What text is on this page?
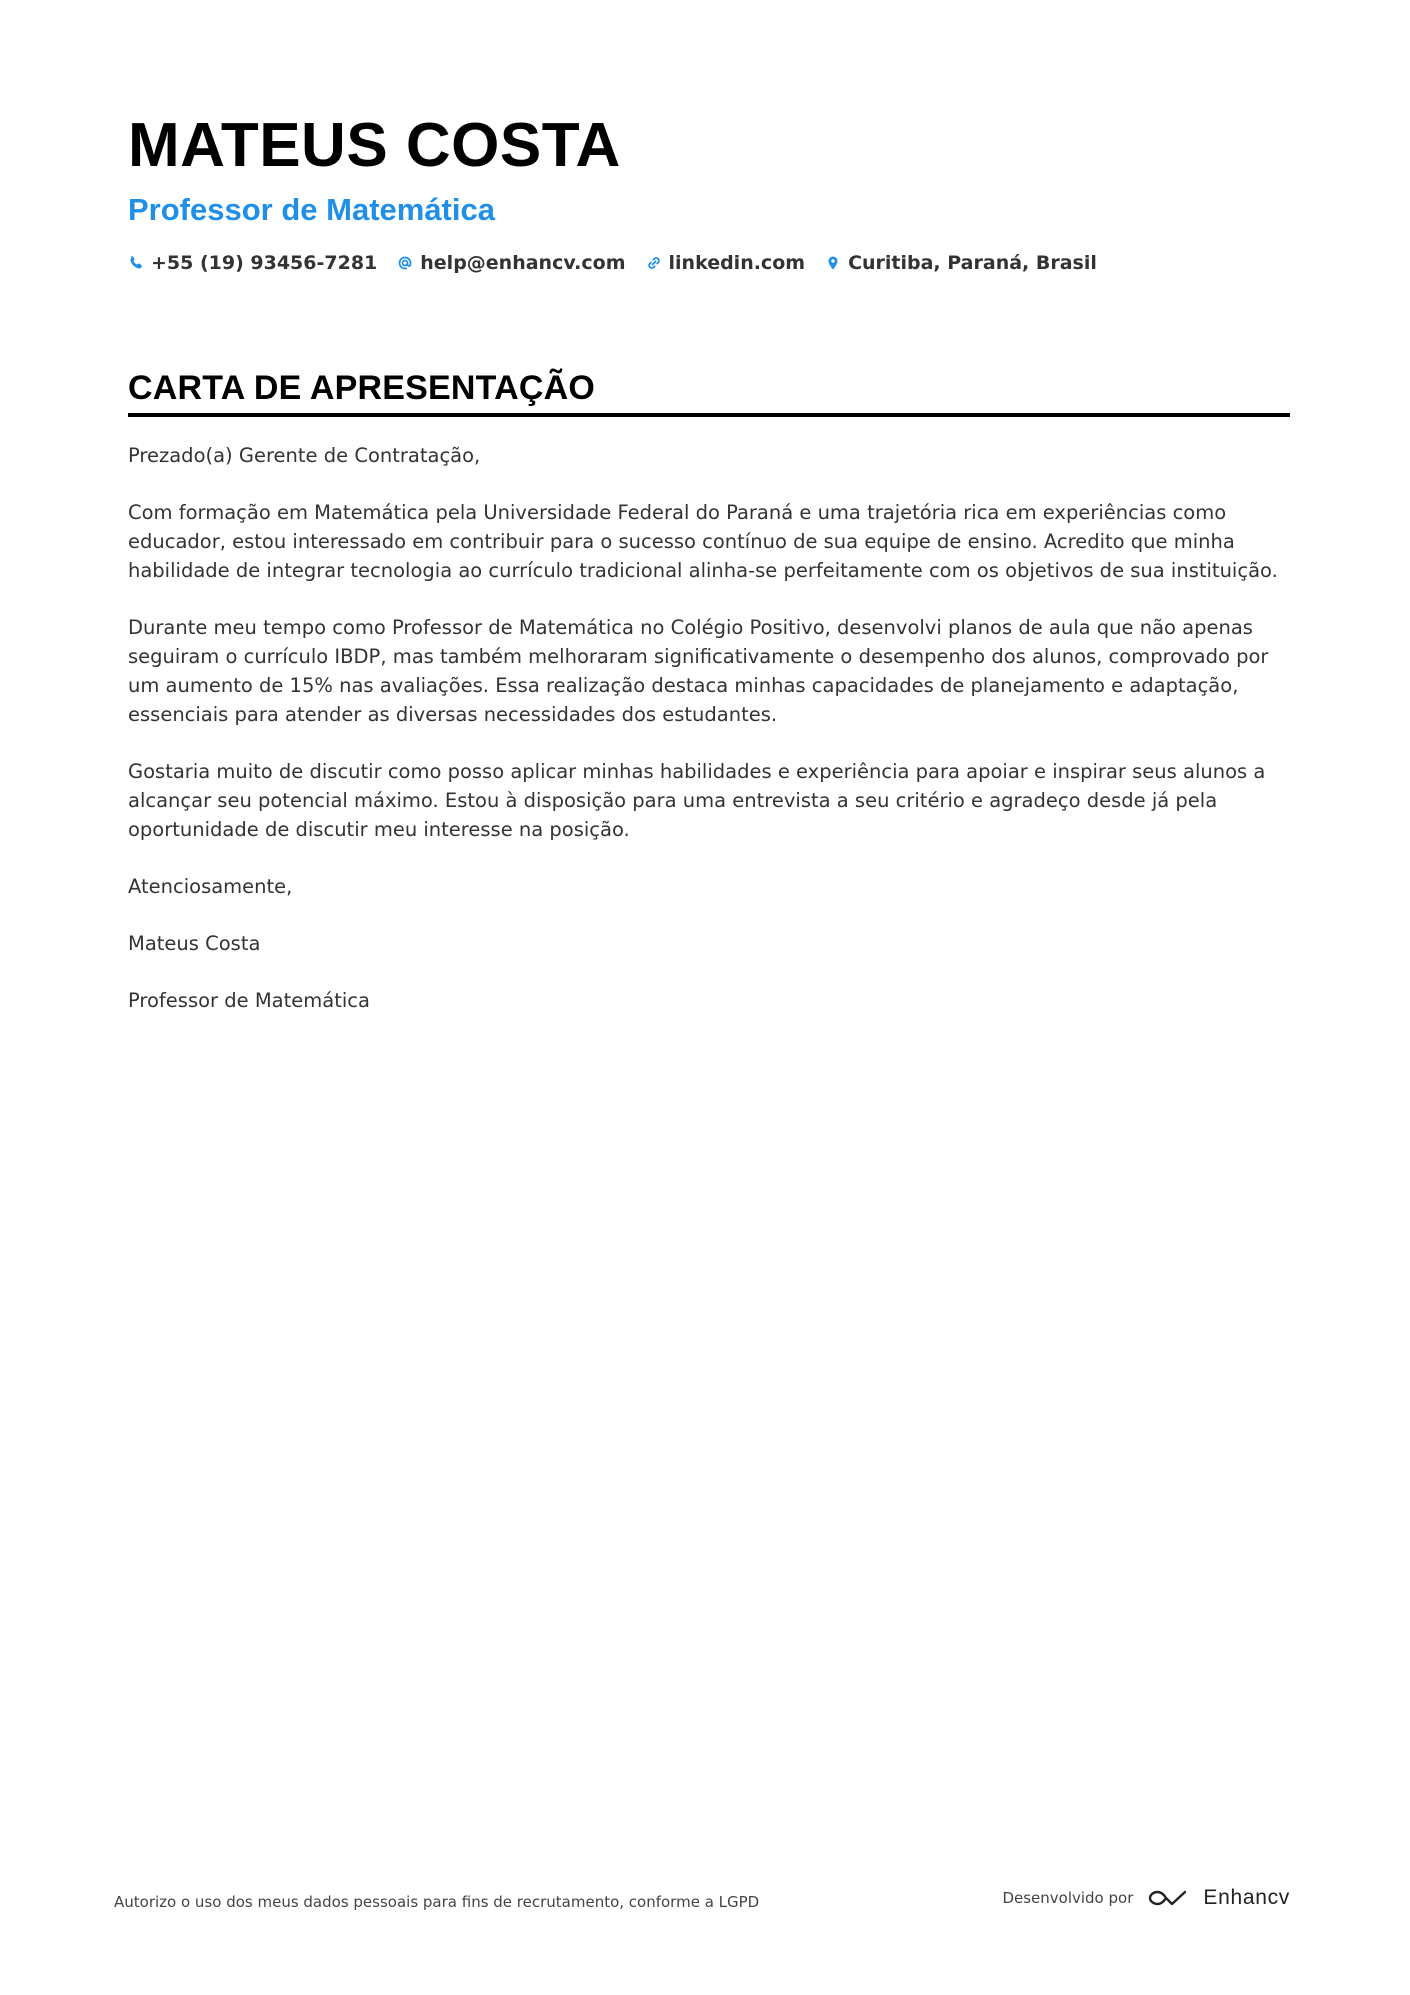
MATEUS COSTA
Professor de Matemática
+55 (19) 93456-7281 help@enhancv.com linkedin.com Curitiba, Paraná, Brasil
CARTA DE APRESENTAÇÃO

Prezado(a) Gerente de Contratação,

Com formação em Matemática pela Universidade Federal do Paraná e uma trajetória rica em experiências como educador, estou interessado em contribuir para o sucesso contínuo de sua equipe de ensino. Acredito que minha habilidade de integrar tecnologia ao currículo tradicional alinha-se perfeitamente com os objetivos de sua instituição.

Durante meu tempo como Professor de Matemática no Colégio Positivo, desenvolvi planos de aula que não apenas seguiram o currículo IBDP, mas também melhoraram significativamente o desempenho dos alunos, comprovado por um aumento de 15% nas avaliações. Essa realização destaca minhas capacidades de planejamento e adaptação, essenciais para atender as diversas necessidades dos estudantes.

Gostaria muito de discutir como posso aplicar minhas habilidades e experiência para apoiar e inspirar seus alunos a alcançar seu potencial máximo. Estou à disposição para uma entrevista a seu critério e agradeço desde já pela oportunidade de discutir meu interesse na posição.

Atenciosamente,

Mateus Costa

Professor de Matemática

Autorizo o uso dos meus dados pessoais para fins de recrutamento, conforme a LGPD	Desenvolvido por	Enhancv
